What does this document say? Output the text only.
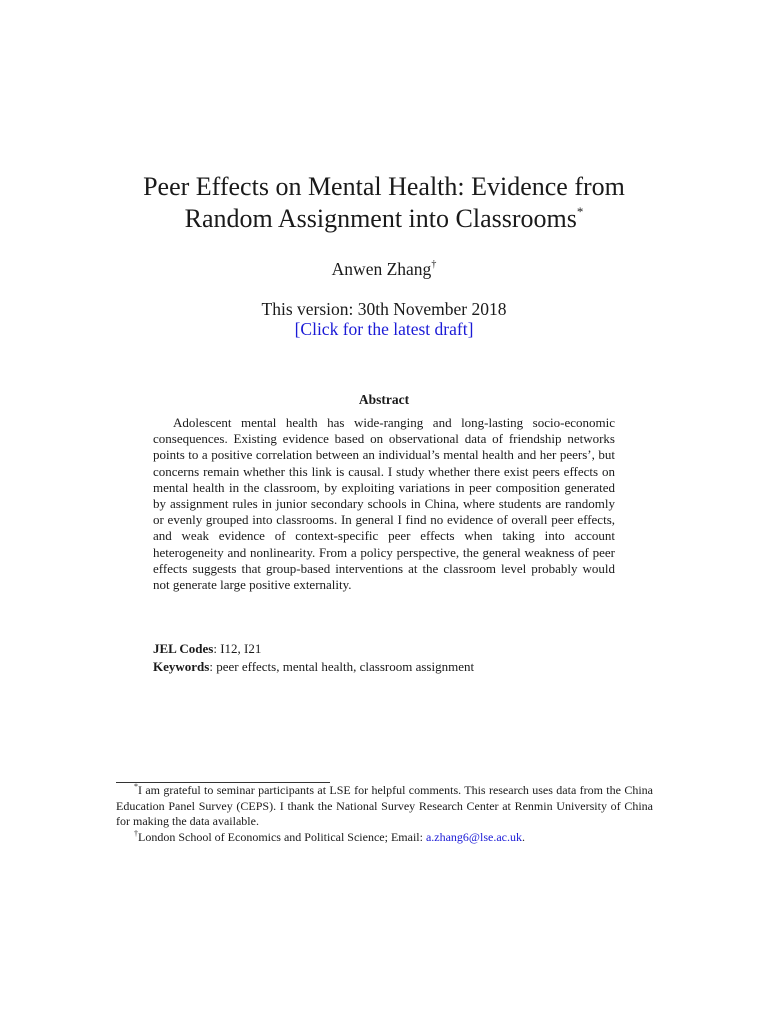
Peer Effects on Mental Health: Evidence from
Random Assignment into Classrooms*
Anwen Zhang†
This version: 30th November 2018
[Click for the latest draft]
Abstract
Adolescent mental health has wide-ranging and long-lasting socio-economic consequences. Existing evidence based on observational data of friendship networks points to a positive correlation between an individual’s mental health and her peers’, but concerns remain whether this link is causal. I study whether there exist peers effects on mental health in the classroom, by exploiting variations in peer composition generated by assignment rules in junior secondary schools in China, where students are randomly or evenly grouped into classrooms. In general I find no evidence of overall peer effects, and weak evidence of context-specific peer effects when taking into account heterogeneity and nonlinearity. From a policy perspective, the general weakness of peer effects suggests that group-based interventions at the classroom level probably would not generate large positive externality.
JEL Codes: I12, I21
Keywords: peer effects, mental health, classroom assignment
*I am grateful to seminar participants at LSE for helpful comments. This research uses data from the China Education Panel Survey (CEPS). I thank the National Survey Research Center at Renmin University of China for making the data available.
†London School of Economics and Political Science; Email: a.zhang6@lse.ac.uk.
